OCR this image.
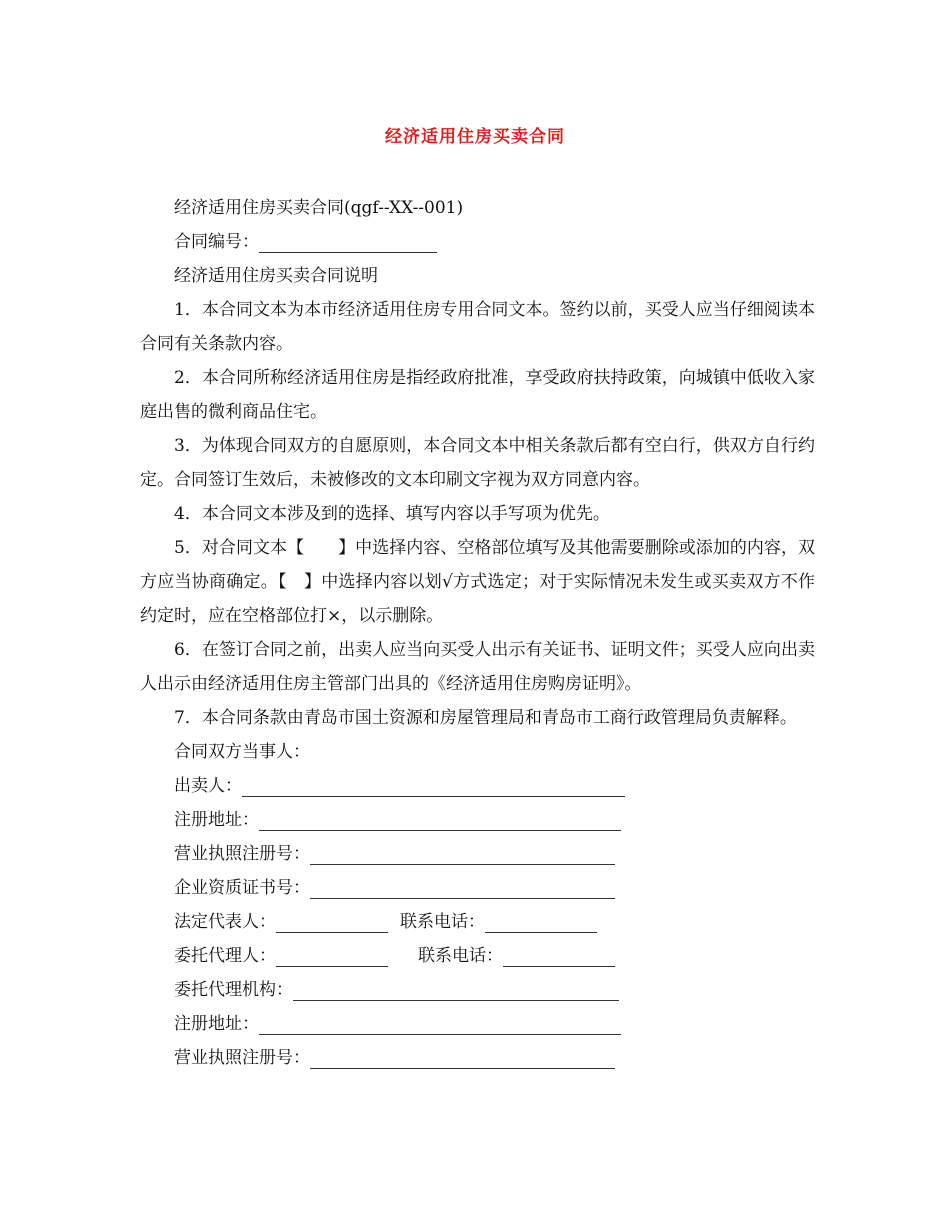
经济适用住房买卖合同

经济适用住房买卖合同(qgf--XX--001)

合同编号：

经济适用住房买卖合同说明

1．本合同文本为本市经济适用住房专用合同文本。签约以前，买受人应当仔细阅读本合同有关条款内容。

2．本合同所称经济适用住房是指经政府批准，享受政府扶持政策，向城镇中低收入家庭出售的微利商品住宅。

3．为体现合同双方的自愿原则，本合同文本中相关条款后都有空白行，供双方自行约定。合同签订生效后，未被修改的文本印刷文字视为双方同意内容。

4．本合同文本涉及到的选择、填写内容以手写项为优先。

5．对合同文本【　　】中选择内容、空格部位填写及其他需要删除或添加的内容，双方应当协商确定。【　】中选择内容以划√方式选定；对于实际情况未发生或买卖双方不作约定时，应在空格部位打×，以示删除。

6．在签订合同之前，出卖人应当向买受人出示有关证书、证明文件；买受人应向出卖人出示由经济适用住房主管部门出具的《经济适用住房购房证明》。

7．本合同条款由青岛市国土资源和房屋管理局和青岛市工商行政管理局负责解释。

合同双方当事人：

出卖人：
注册地址：
营业执照注册号：
企业资质证书号：
法定代表人：	联系电话：
委托代理人：	联系电话：
委托代理机构：
注册地址：
营业执照注册号：
